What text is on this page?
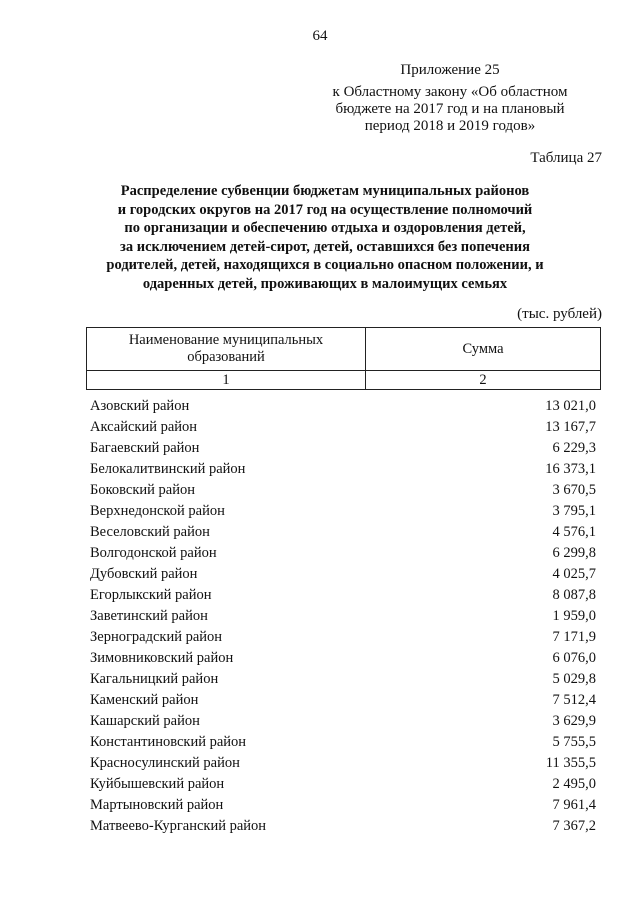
64
Приложение 25
к Областному закону «Об областном
бюджете на 2017 год и на плановый
период 2018 и 2019 годов»
Таблица 27
Распределение субвенции бюджетам муниципальных районов
и городских округов на 2017 год на осуществление полномочий
по организации и обеспечению отдыха и оздоровления детей,
за исключением детей-сирот, детей, оставшихся без попечения
родителей, детей, находящихся в социально опасном положении, и
одаренных детей, проживающих в малоимущих семьях
(тыс. рублей)
Наименование муниципальных
образований	Сумма
1	2
Азовский район	13 021,0
Аксайский район	13 167,7
Багаевский район	6 229,3
Белокалитвинский район	16 373,1
Боковский район	3 670,5
Верхнедонской район	3 795,1
Веселовский район	4 576,1
Волгодонской район	6 299,8
Дубовский район	4 025,7
Егорлыкский район	8 087,8
Заветинский район	1 959,0
Зерноградский район	7 171,9
Зимовниковский район	6 076,0
Кагальницкий район	5 029,8
Каменский район	7 512,4
Кашарский район	3 629,9
Константиновский район	5 755,5
Красносулинский район	11 355,5
Куйбышевский район	2 495,0
Мартыновский район	7 961,4
Матвеево-Курганский район	7 367,2
